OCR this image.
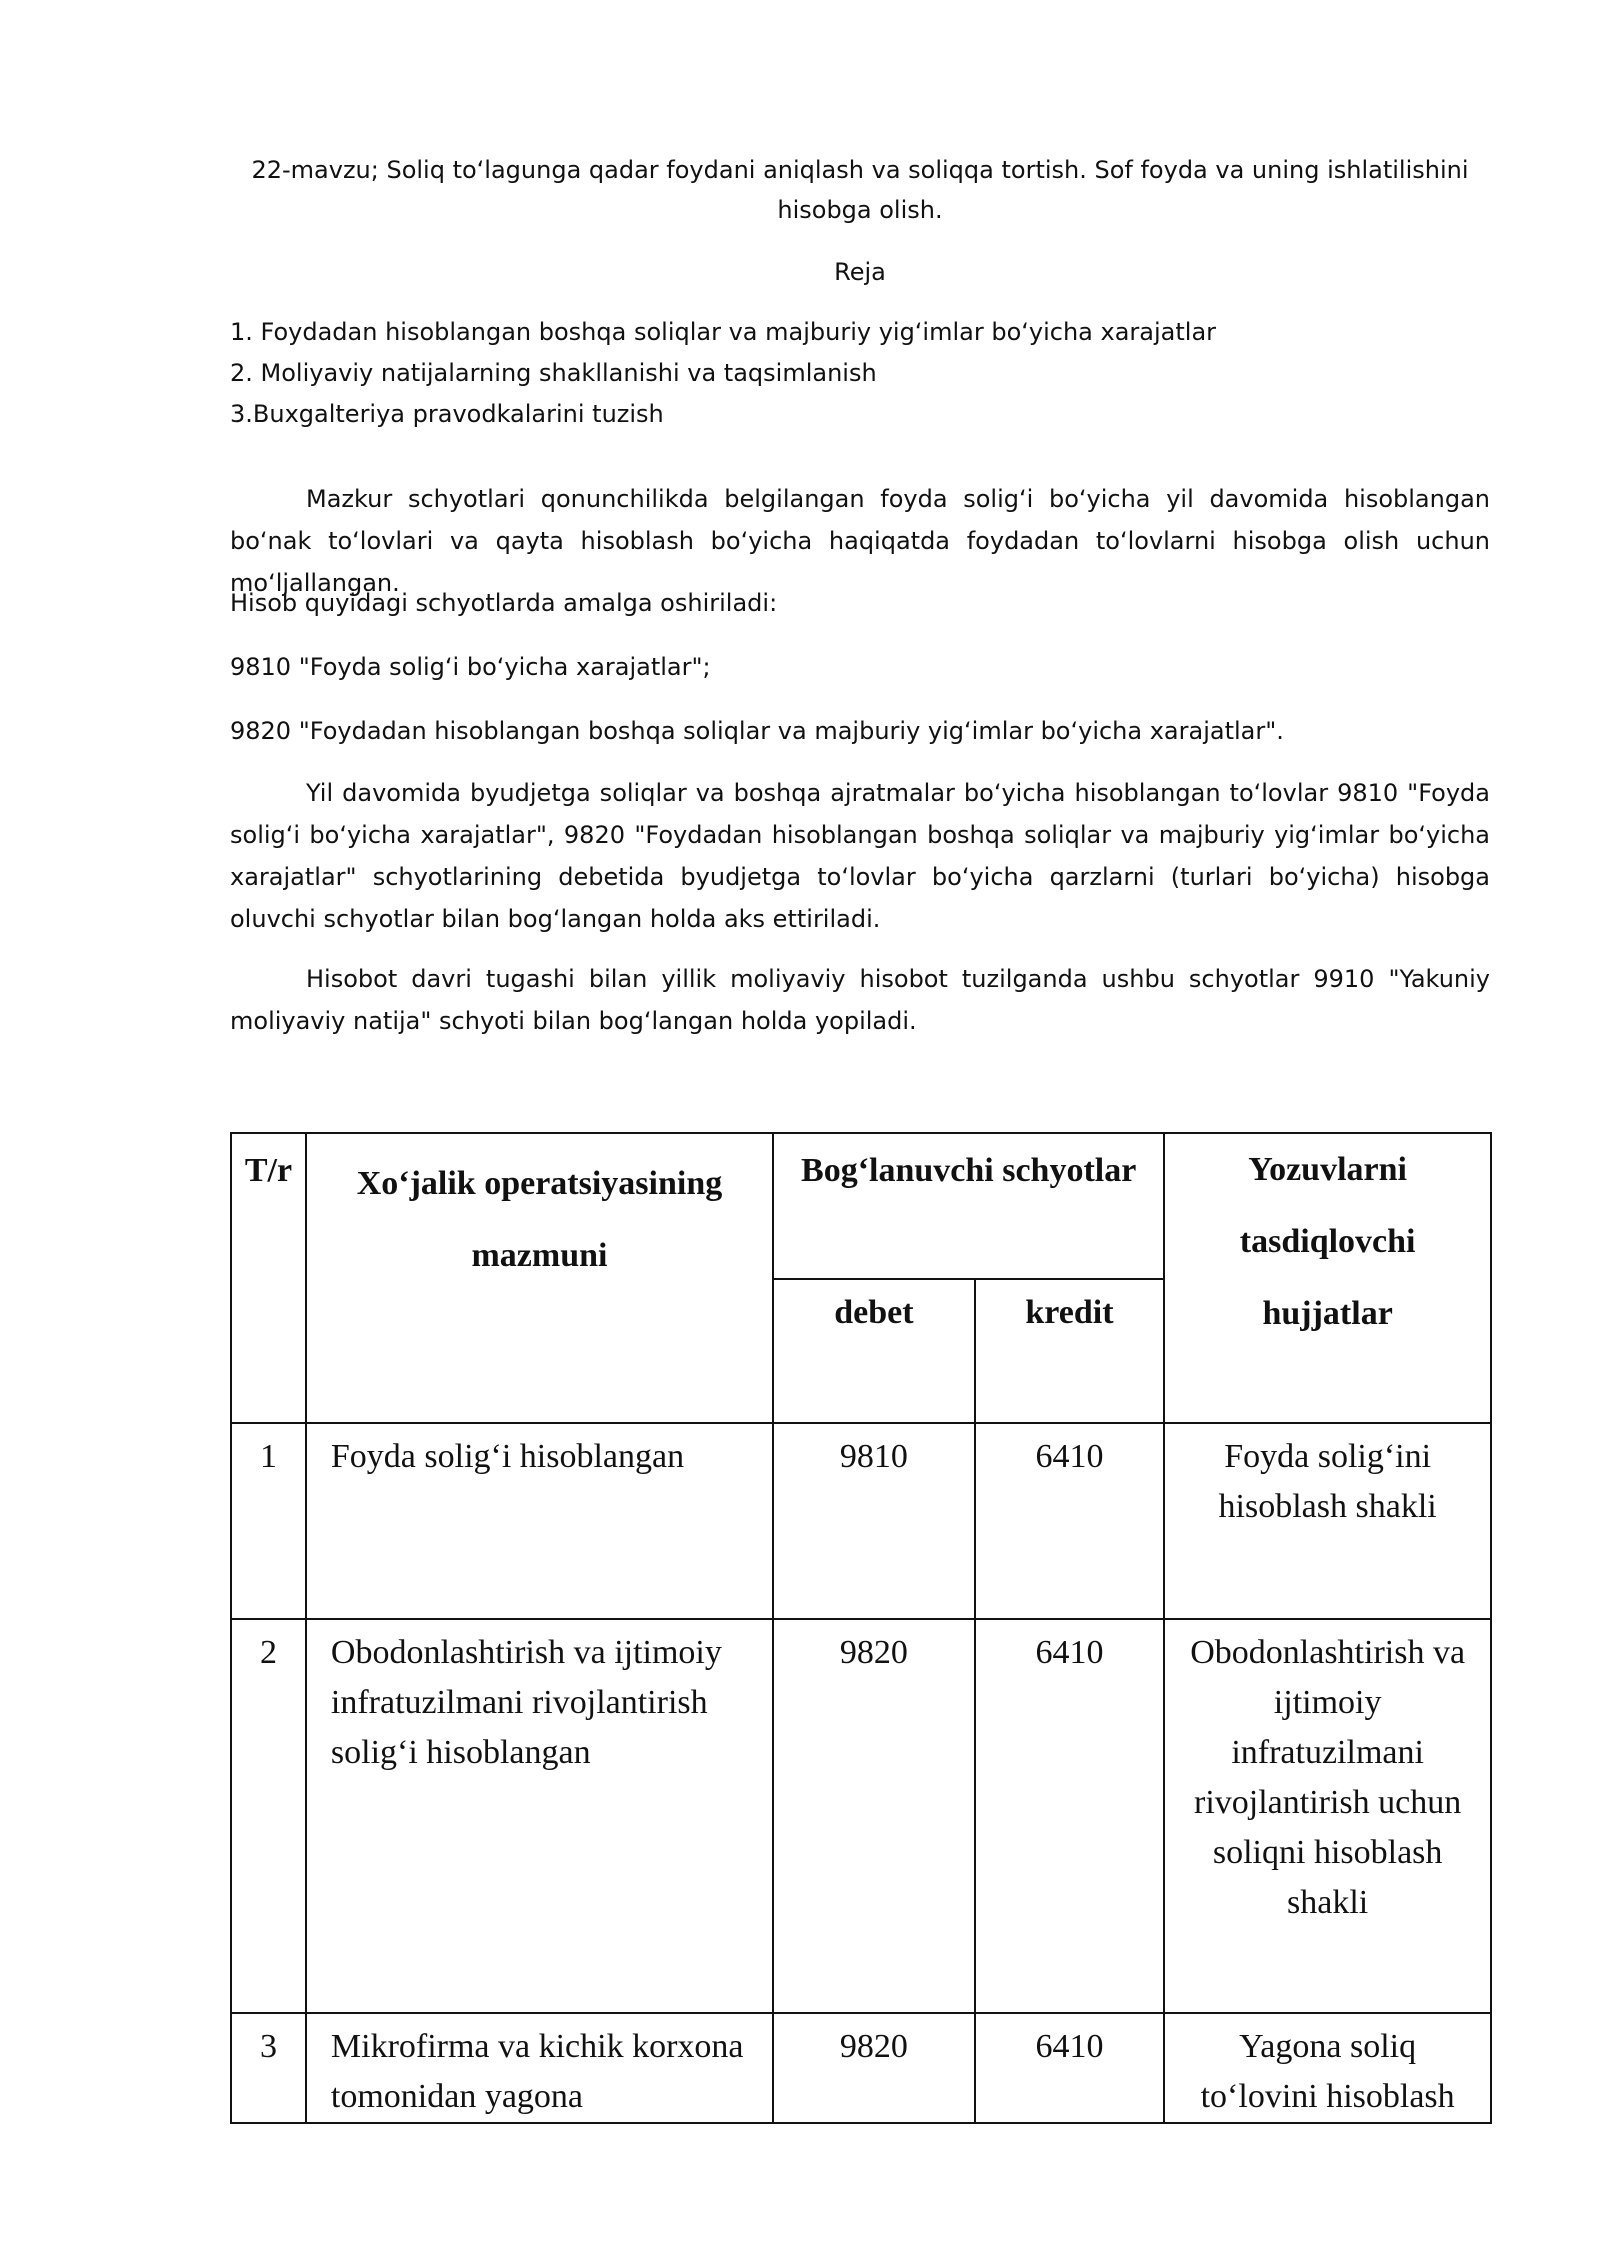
22-mavzu; Soliq to‘lagunga qadar foydani aniqlash va soliqqa tortish. Sof foyda va uning ishlatilishini
hisobga olish.
Reja
1. Foydadan hisoblangan boshqa soliqlar va majburiy yig‘imlar bo‘yicha xarajatlar
2. Moliyaviy natijalarning shakllanishi va taqsimlanish
3.Buxgalteriya pravodkalarini tuzish
Mazkur schyotlari qonunchilikda belgilangan foyda solig‘i bo‘yicha yil davomida hisoblangan bo‘nak to‘lovlari va qayta hisoblash bo‘yicha haqiqatda foydadan to‘lovlarni hisobga olish uchun mo‘ljallangan.
Hisob quyidagi schyotlarda amalga oshiriladi:
9810 "Foyda solig‘i bo‘yicha xarajatlar";
9820 "Foydadan hisoblangan boshqa soliqlar va majburiy yig‘imlar bo‘yicha xarajatlar".
Yil davomida byudjetga soliqlar va boshqa ajratmalar bo‘yicha hisoblangan to‘lovlar 9810 "Foyda solig‘i bo‘yicha xarajatlar", 9820 "Foydadan hisoblangan boshqa soliqlar va majburiy yig‘imlar bo‘yicha xarajatlar" schyotlarining debetida byudjetga to‘lovlar bo‘yicha qarzlarni (turlari bo‘yicha) hisobga oluvchi schyotlar bilan bog‘langan holda aks ettiriladi.
Hisobot davri tugashi bilan yillik moliyaviy hisobot tuzilganda ushbu schyotlar 9910 "Yakuniy moliyaviy natija" schyoti bilan bog‘langan holda yopiladi.
T/r	Xo‘jalik operatsiyasining mazmuni	Bog‘lanuvchi schyotlar		Yozuvlarni tasdiqlovchi hujjatlar
		debet	kredit	
1	Foyda solig‘i hisoblangan	9810	6410	Foyda solig‘ini hisoblash shakli
2	Obodonlashtirish va ijtimoiy infratuzilmani rivojlantirish solig‘i hisoblangan	9820	6410	Obodonlashtirish va ijtimoiy infratuzilmani rivojlantirish uchun soliqni hisoblash shakli
3	Mikrofirma va kichik korxona tomonidan yagona	9820	6410	Yagona soliq to‘lovini hisoblash
